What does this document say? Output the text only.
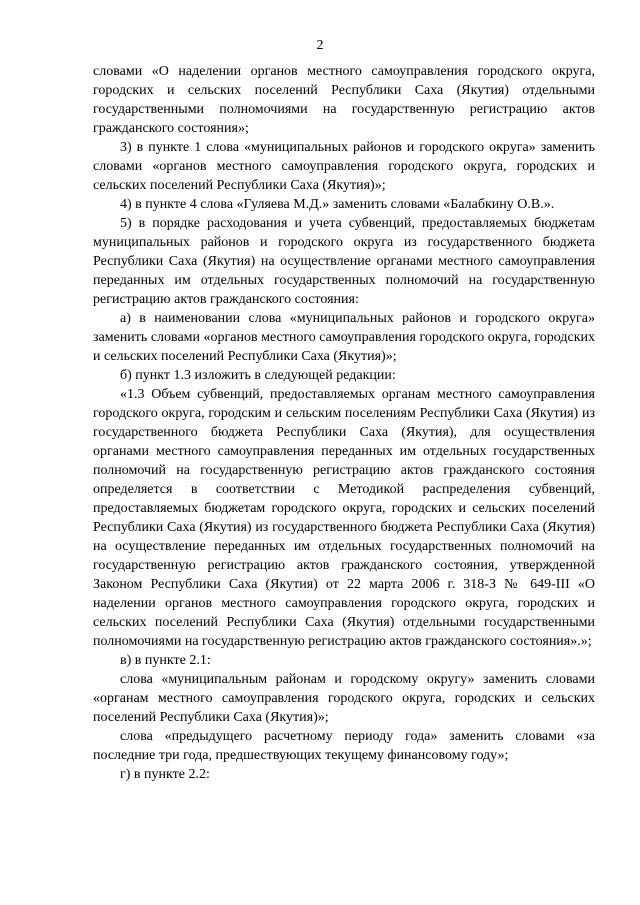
2

словами «О наделении органов местного самоуправления городского округа, городских и сельских поселений Республики Саха (Якутия) отдельными государственными полномочиями на государственную регистрацию актов гражданского состояния»;

3) в пункте 1 слова «муниципальных районов и городского округа» заменить словами «органов местного самоуправления городского округа, городских и сельских поселений Республики Саха (Якутия)»;

4) в пункте 4 слова «Гуляева М.Д.» заменить словами «Балабкину О.В.».

5) в порядке расходования и учета субвенций, предоставляемых бюджетам муниципальных районов и городского округа из государственного бюджета Республики Саха (Якутия) на осуществление органами местного самоуправления переданных им отдельных государственных полномочий на государственную регистрацию актов гражданского состояния:

а) в наименовании слова «муниципальных районов и городского округа» заменить словами «органов местного самоуправления городского округа, городских и сельских поселений Республики Саха (Якутия)»;

б) пункт 1.3 изложить в следующей редакции:

«1.3 Объем субвенций, предоставляемых органам местного самоуправления городского округа, городским и сельским поселениям Республики Саха (Якутия) из государственного бюджета Республики Саха (Якутия), для осуществления органами местного самоуправления переданных им отдельных государственных полномочий на государственную регистрацию актов гражданского состояния определяется в соответствии с Методикой распределения субвенций, предоставляемых бюджетам городского округа, городских и сельских поселений Республики Саха (Якутия) из государственного бюджета Республики Саха (Якутия) на осуществление переданных им отдельных государственных полномочий на государственную регистрацию актов гражданского состояния, утвержденной Законом Республики Саха (Якутия) от 22 марта 2006 г. 318-З № 649-III «О наделении органов местного самоуправления городского округа, городских и сельских поселений Республики Саха (Якутия) отдельными государственными полномочиями на государственную регистрацию актов гражданского состояния».»;

в) в пункте 2.1:

слова «муниципальным районам и городскому округу» заменить словами «органам местного самоуправления городского округа, городских и сельских поселений Республики Саха (Якутия)»;

слова «предыдущего расчетному периоду года» заменить словами «за последние три года, предшествующих текущему финансовому году»;

г) в пункте 2.2:
